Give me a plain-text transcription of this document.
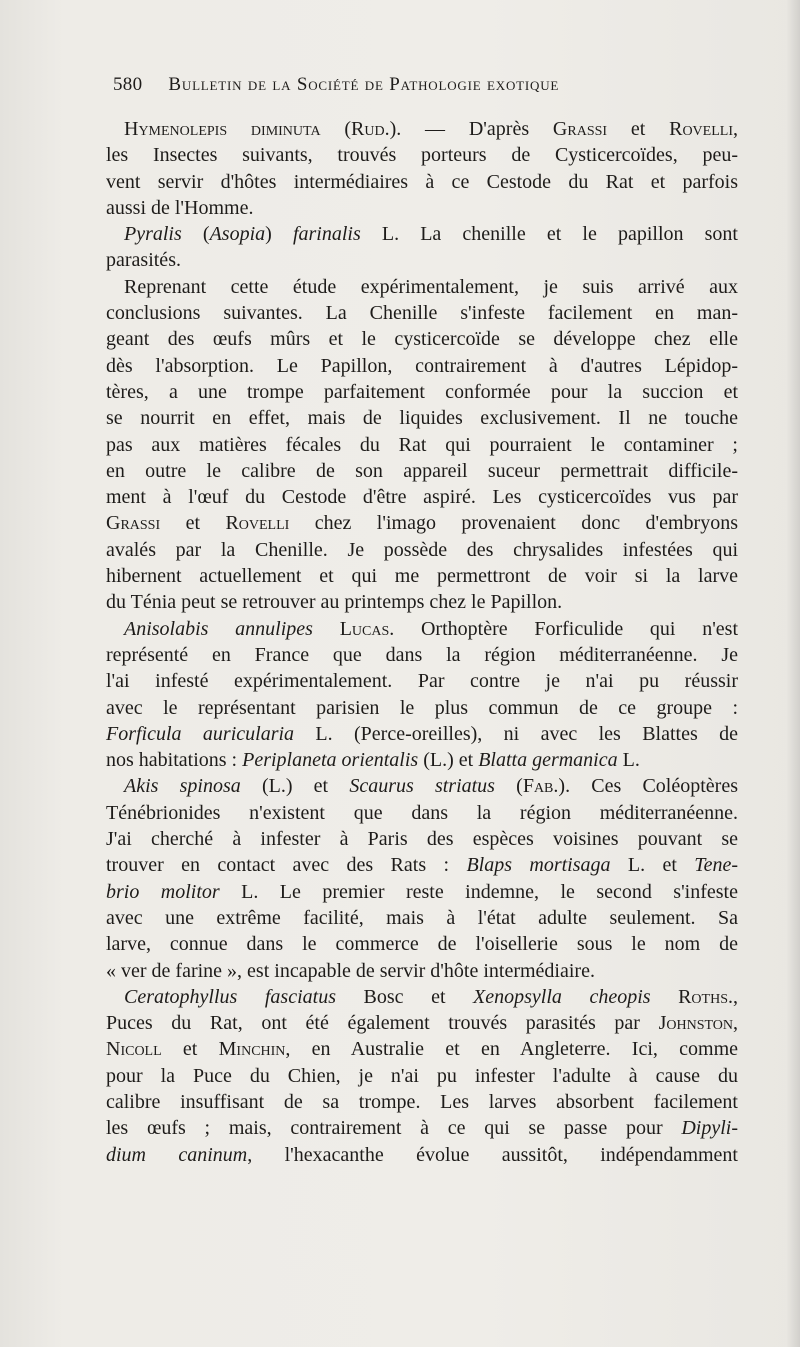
580 Bulletin de la Société de Pathologie exotique
Hymenolepis diminuta (Rud.). — D'après Grassi et Rovelli,
les Insectes suivants, trouvés porteurs de Cysticercoïdes, peu-
vent servir d'hôtes intermédiaires à ce Cestode du Rat et parfois
aussi de l'Homme.
Pyralis (Asopia) farinalis L. La chenille et le papillon sont
parasités.
Reprenant cette étude expérimentalement, je suis arrivé aux
conclusions suivantes. La Chenille s'infeste facilement en man-
geant des œufs mûrs et le cysticercoïde se développe chez elle
dès l'absorption. Le Papillon, contrairement à d'autres Lépidop-
tères, a une trompe parfaitement conformée pour la succion et
se nourrit en effet, mais de liquides exclusivement. Il ne touche
pas aux matières fécales du Rat qui pourraient le contaminer ;
en outre le calibre de son appareil suceur permettrait difficile-
ment à l'œuf du Cestode d'être aspiré. Les cysticercoïdes vus par
Grassi et Rovelli chez l'imago provenaient donc d'embryons
avalés par la Chenille. Je possède des chrysalides infestées qui
hibernent actuellement et qui me permettront de voir si la larve
du Ténia peut se retrouver au printemps chez le Papillon.
Anisolabis annulipes Lucas. Orthoptère Forficulide qui n'est
représenté en France que dans la région méditerranéenne. Je
l'ai infesté expérimentalement. Par contre je n'ai pu réussir
avec le représentant parisien le plus commun de ce groupe :
Forficula auricularia L. (Perce-oreilles), ni avec les Blattes de
nos habitations : Periplaneta orientalis (L.) et Blatta germanica L.
Akis spinosa (L.) et Scaurus striatus (Fab.). Ces Coléoptères
Ténébrionides n'existent que dans la région méditerranéenne.
J'ai cherché à infester à Paris des espèces voisines pouvant se
trouver en contact avec des Rats : Blaps mortisaga L. et Tene-
brio molitor L. Le premier reste indemne, le second s'infeste
avec une extrême facilité, mais à l'état adulte seulement. Sa
larve, connue dans le commerce de l'oisellerie sous le nom de
« ver de farine », est incapable de servir d'hôte intermédiaire.
Ceratophyllus fasciatus Bosc et Xenopsylla cheopis Roths.,
Puces du Rat, ont été également trouvés parasités par Johnston,
Nicoll et Minchin, en Australie et en Angleterre. Ici, comme
pour la Puce du Chien, je n'ai pu infester l'adulte à cause du
calibre insuffisant de sa trompe. Les larves absorbent facilement
les œufs ; mais, contrairement à ce qui se passe pour Dipyli-
dium caninum, l'hexacanthe évolue aussitôt, indépendamment
